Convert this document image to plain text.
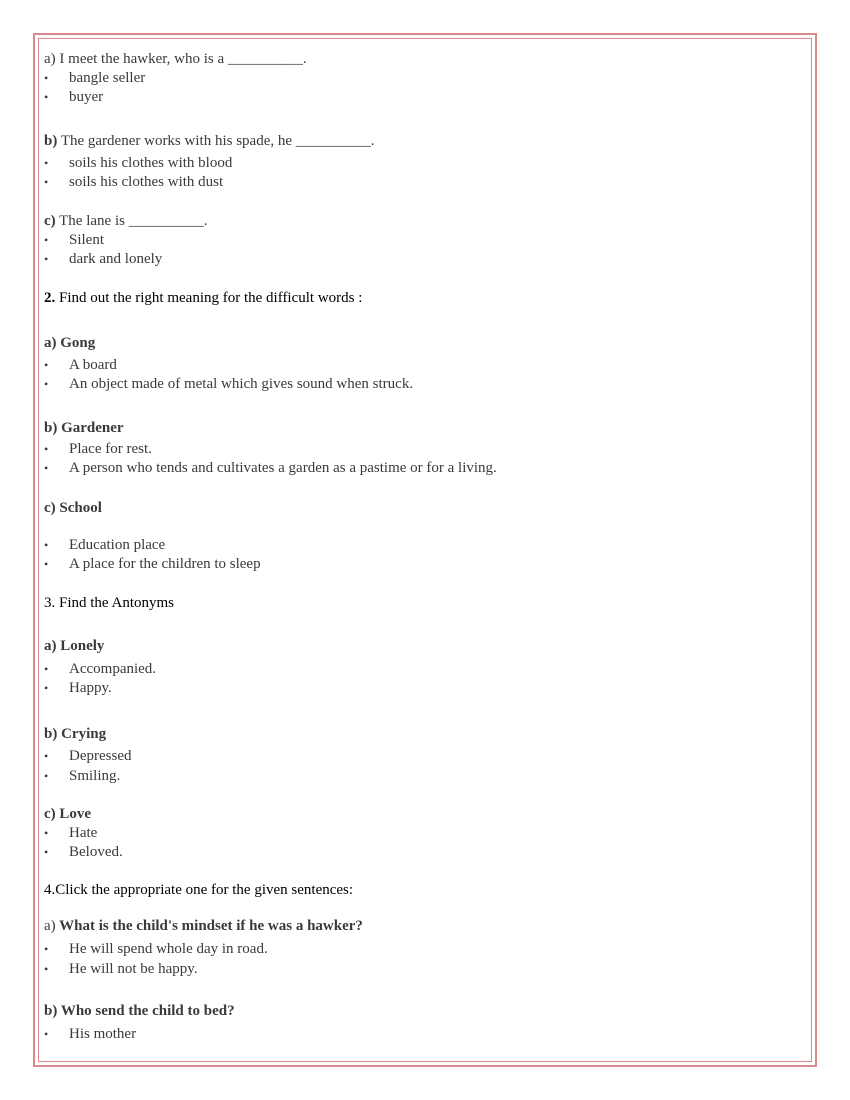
a) I meet the hawker, who is a __________.
• bangle seller
• buyer
b) The gardener works with his spade, he __________.
• soils his clothes with blood
• soils his clothes with dust
c) The lane is __________.
• Silent
• dark and lonely
2. Find out the right meaning for the difficult words :
a) Gong
• A board
• An object made of metal which gives sound when struck.
b) Gardener
• Place for rest.
• A person who tends and cultivates a garden as a pastime or for a living.
c) School
• Education place
• A place for the children to sleep
3. Find the Antonyms
a) Lonely
• Accompanied.
• Happy.
b) Crying
• Depressed
• Smiling.
c) Love
• Hate
• Beloved.
4.Click the appropriate one for the given sentences:
a) What is the child's mindset if he was a hawker?
• He will spend whole day in road.
• He will not be happy.
b) Who send the child to bed?
• His mother
